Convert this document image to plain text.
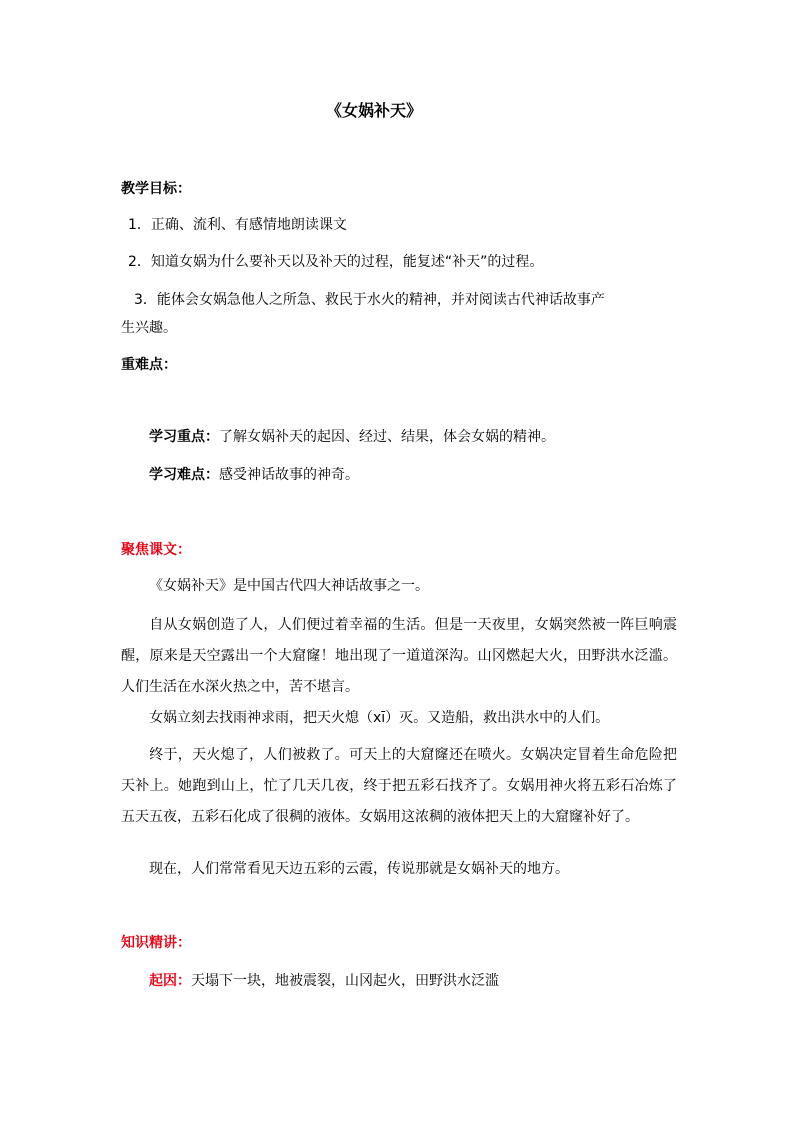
《女娲补天》

教学目标：

1．正确、流利、有感情地朗读课文

2．知道女娲为什么要补天以及补天的过程，能复述“补天”的过程。

3．能体会女娲急他人之所急、救民于水火的精神，并对阅读古代神话故事产

生兴趣。

重难点：

学习重点：了解女娲补天的起因、经过、结果，体会女娲的精神。

学习难点：感受神话故事的神奇。

聚焦课文：

《女娲补天》是中国古代四大神话故事之一。

自从女娲创造了人，人们便过着幸福的生活。但是一天夜里，女娲突然被一阵巨响震醒，原来是天空露出一个大窟窿！地出现了一道道深沟。山冈燃起大火，田野洪水泛滥。人们生活在水深火热之中，苦不堪言。

女娲立刻去找雨神求雨，把天火熄（xī）灭。又造船，救出洪水中的人们。

终于，天火熄了，人们被救了。可天上的大窟窿还在喷火。女娲决定冒着生命危险把天补上。她跑到山上，忙了几天几夜，终于把五彩石找齐了。女娲用神火将五彩石冶炼了五天五夜，五彩石化成了很稠的液体。女娲用这浓稠的液体把天上的大窟窿补好了。

现在，人们常常看见天边五彩的云霞，传说那就是女娲补天的地方。

知识精讲：

起因：天塌下一块，地被震裂，山冈起火，田野洪水泛滥
